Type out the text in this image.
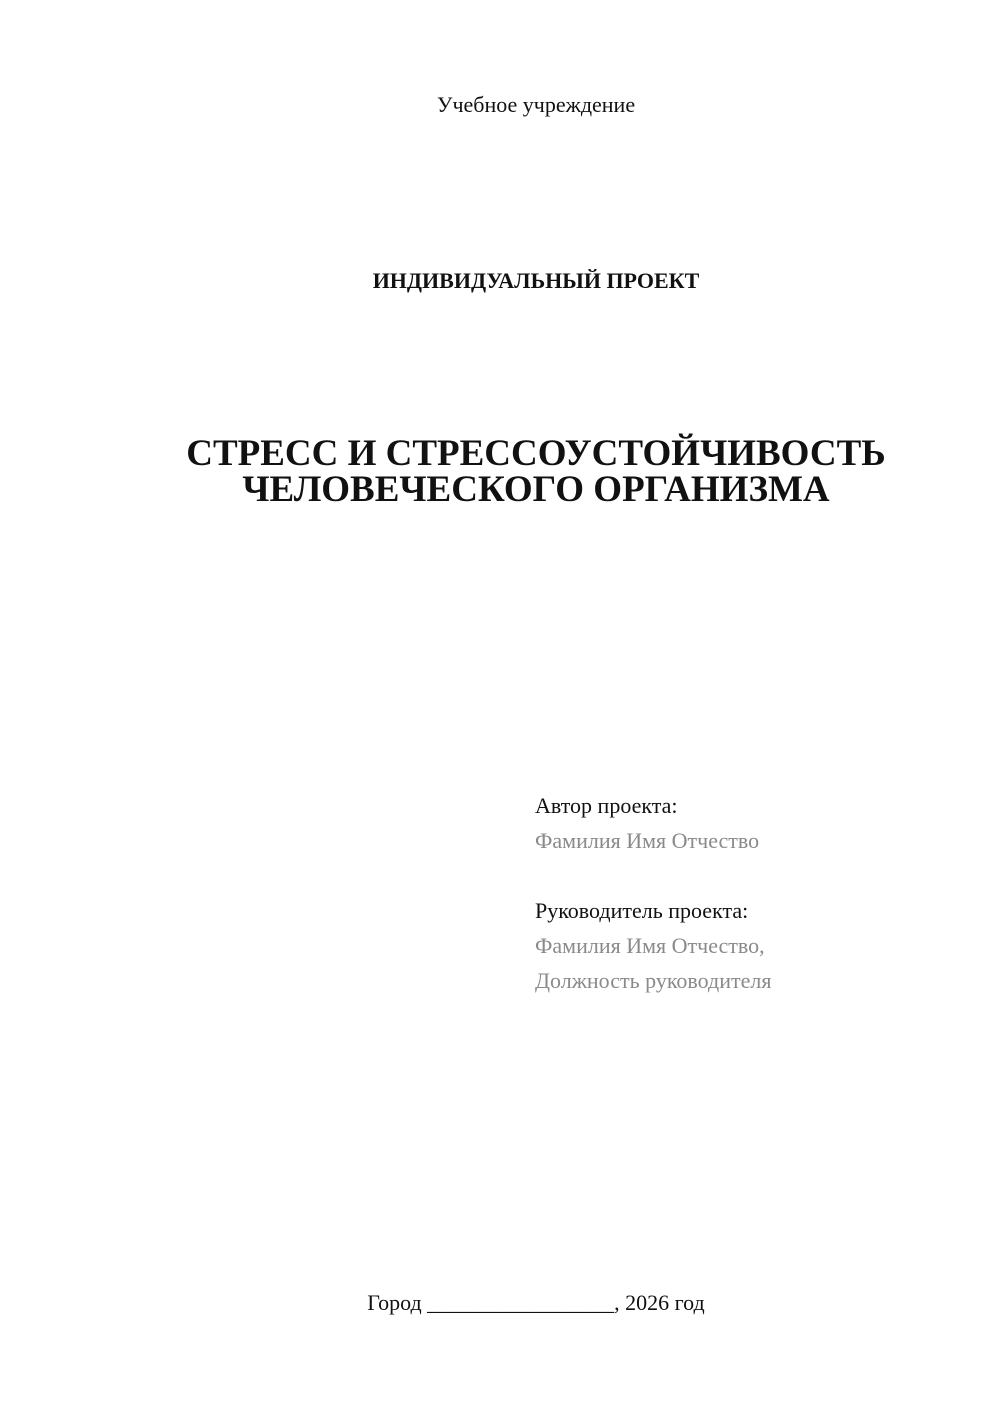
Учебное учреждение
ИНДИВИДУАЛЬНЫЙ ПРОЕКТ
СТРЕСС И СТРЕССОУСТОЙЧИВОСТЬ
ЧЕЛОВЕЧЕСКОГО ОРГАНИЗМА
Автор проекта:
Фамилия Имя Отчество
Руководитель проекта:
Фамилия Имя Отчество,
Должность руководителя
Город _________________, 2026 год
